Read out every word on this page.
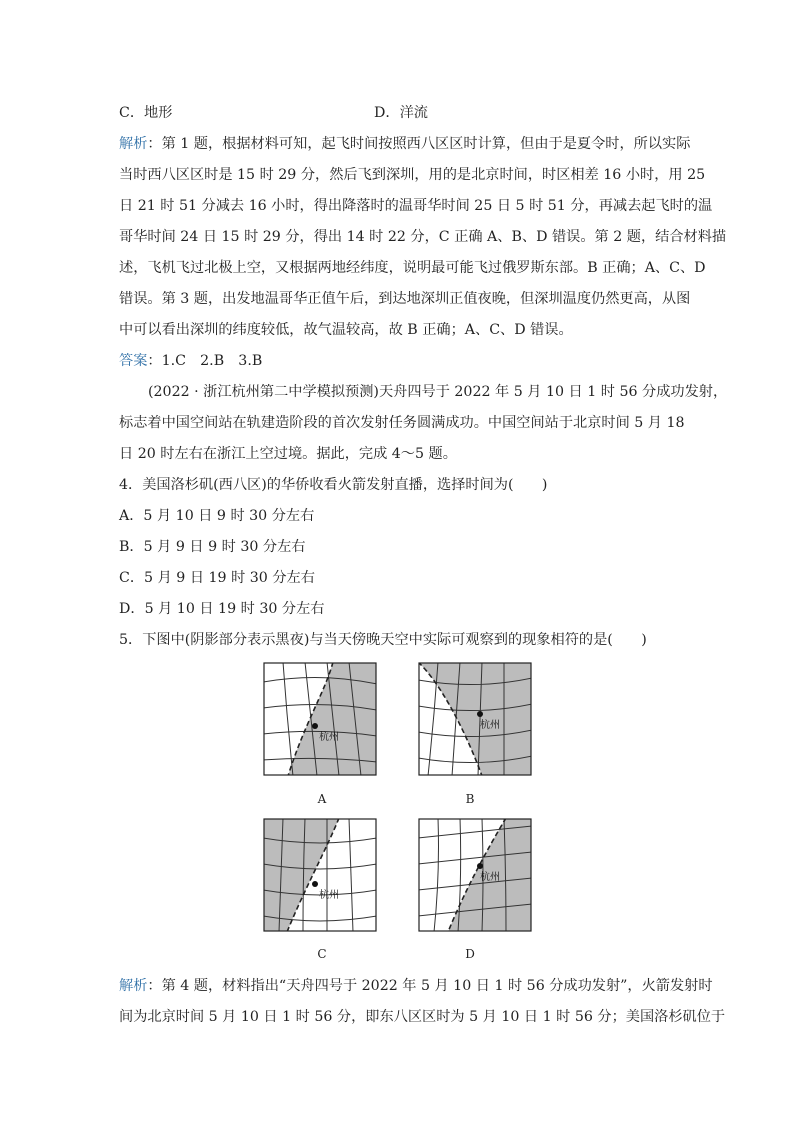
C．地形	D．洋流
解析：第 1 题，根据材料可知，起飞时间按照西八区区时计算，但由于是夏令时，所以实际
当时西八区区时是 15 时 29 分，然后飞到深圳，用的是北京时间，时区相差 16 小时，用 25
日 21 时 51 分减去 16 小时，得出降落时的温哥华时间 25 日 5 时 51 分，再减去起飞时的温
哥华时间 24 日 15 时 29 分，得出 14 时 22 分，C 正确 A、B、D 错误。第 2 题，结合材料描
述，飞机飞过北极上空，又根据两地经纬度，说明最可能飞过俄罗斯东部。B 正确；A、C、D
错误。第 3 题，出发地温哥华正值午后，到达地深圳正值夜晚，但深圳温度仍然更高，从图
中可以看出深圳的纬度较低，故气温较高，故 B 正确；A、C、D 错误。
答案：1.C　2.B　3.B
(2022 · 浙江杭州第二中学模拟预测)天舟四号于 2022 年 5 月 10 日 1 时 56 分成功发射，
标志着中国空间站在轨建造阶段的首次发射任务圆满成功。中国空间站于北京时间 5 月 18
日 20 时左右在浙江上空过境。据此，完成 4～5 题。
4．美国洛杉矶(西八区)的华侨收看火箭发射直播，选择时间为(　　)
A．5 月 10 日 9 时 30 分左右
B．5 月 9 日 9 时 30 分左右
C．5 月 9 日 19 时 30 分左右
D．5 月 10 日 19 时 30 分左右
5．下图中(阴影部分表示黑夜)与当天傍晚天空中实际可观察到的现象相符的是(　　)
杭州
A
杭州
B
杭州
C
杭州
D
解析：第 4 题，材料指出“天舟四号于 2022 年 5 月 10 日 1 时 56 分成功发射”，火箭发射时
间为北京时间 5 月 10 日 1 时 56 分，即东八区区时为 5 月 10 日 1 时 56 分；美国洛杉矶位于
